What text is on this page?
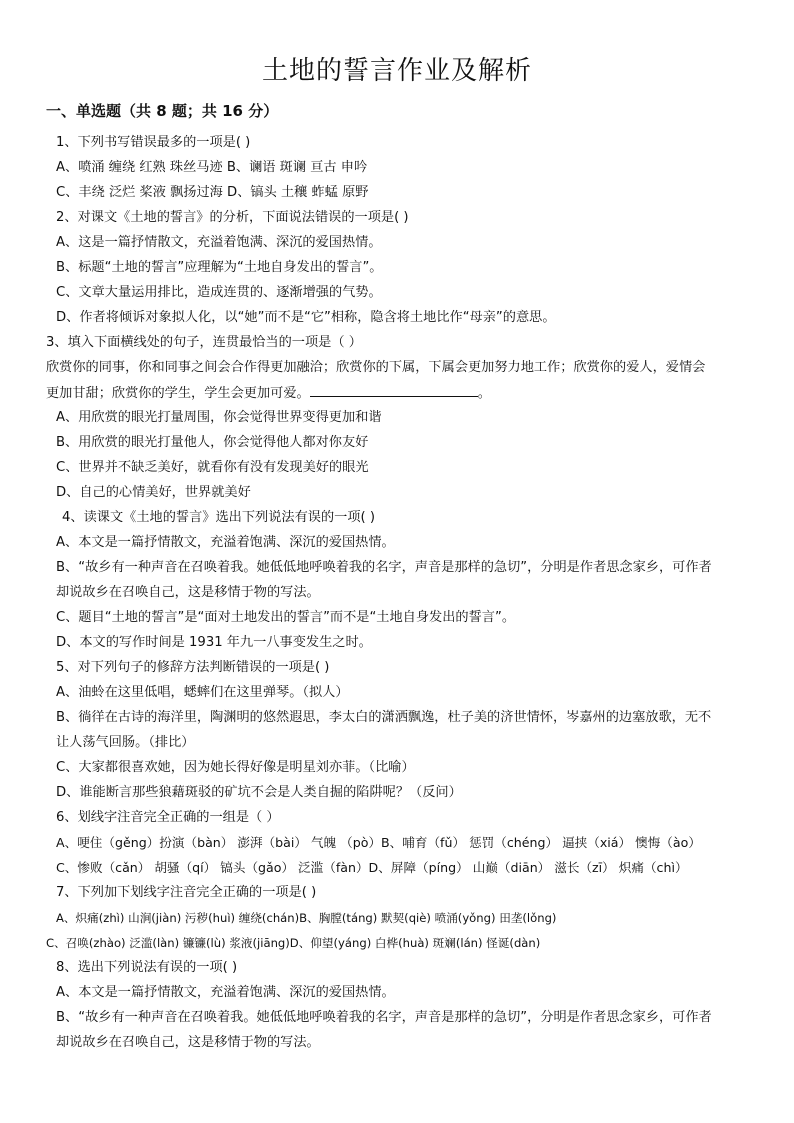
土地的誓言作业及解析
一、单选题（共 8 题；共 16 分）
1、下列书写错误最多的一项是( )
A、喷涌 缠绕 红熟 珠丝马迹 B、谰语 斑谰 亘古 申吟
C、丰绕 泛烂 桨液 飘扬过海 D、镐头 土穰 蚱蜢 原野
2、对课文《土地的誓言》的分析，下面说法错误的一项是( )
A、这是一篇抒情散文，充溢着饱满、深沉的爱国热情。
B、标题“土地的誓言”应理解为“土地自身发出的誓言”。
C、文章大量运用排比，造成连贯的、逐渐增强的气势。
D、作者将倾诉对象拟人化，以“她”而不是“它”相称，隐含将土地比作“母亲”的意思。
3、填入下面横线处的句子，连贯最恰当的一项是（ ）
欣赏你的同事，你和同事之间会合作得更加融洽；欣赏你的下属，下属会更加努力地工作；欣赏你的爱人，爱情会
更加甘甜；欣赏你的学生，学生会更加可爱。	。
A、用欣赏的眼光打量周围，你会觉得世界变得更加和谐
B、用欣赏的眼光打量他人，你会觉得他人都对你友好
C、世界并不缺乏美好，就看你有没有发现美好的眼光
D、自己的心情美好，世界就美好
4、读课文《土地的誓言》选出下列说法有误的一项( )
A、本文是一篇抒情散文，充溢着饱满、深沉的爱国热情。
B、“故乡有一种声音在召唤着我。她低低地呼唤着我的名字，声音是那样的急切”，分明是作者思念家乡，可作者
却说故乡在召唤自己，这是移情于物的写法。
C、题目“土地的誓言”是“面对土地发出的誓言”而不是“土地自身发出的誓言”。
D、本文的写作时间是 1931 年九一八事变发生之时。
5、对下列句子的修辞方法判断错误的一项是( )
A、油蛉在这里低唱，蟋蟀们在这里弹琴。（拟人）
B、徜徉在古诗的海洋里，陶渊明的悠然遐思，李太白的潇洒飘逸，杜子美的济世情怀，岑嘉州的边塞放歌，无不
让人荡气回肠。（排比）
C、大家都很喜欢她，因为她长得好像是明星刘亦菲。（比喻）
D、谁能断言那些狼藉斑驳的矿坑不会是人类自掘的陷阱呢？（反问）
6、划线字注音完全正确的一组是（ ）
A、哽住（gěng）扮演（bàn） 澎湃（bài） 气魄 （pò）B、哺育（fǔ） 惩罚（chéng） 逼挟（xiá） 懊悔（ào）
C、惨败（cǎn） 胡骚（qí） 镐头（gǎo） 泛滥（fàn）D、屏障（píng） 山巅（diān） 滋长（zī） 炽痛（chì）
7、下列加下划线字注音完全正确的一项是( )
A、炽痛(zhì) 山涧(jiàn) 污秽(huì) 缠绕(chán)B、胸膛(táng) 默契(qiè) 喷涌(yǒng) 田垄(lǒng)
C、召唤(zhào) 泛滥(làn) 镰镰(lù) 浆液(jiāng)D、仰望(yáng) 白桦(huà) 斑斓(lán) 怪诞(dàn)
8、选出下列说法有误的一项( )
A、本文是一篇抒情散文，充溢着饱满、深沉的爱国热情。
B、“故乡有一种声音在召唤着我。她低低地呼唤着我的名字，声音是那样的急切”，分明是作者思念家乡，可作者
却说故乡在召唤自己，这是移情于物的写法。
